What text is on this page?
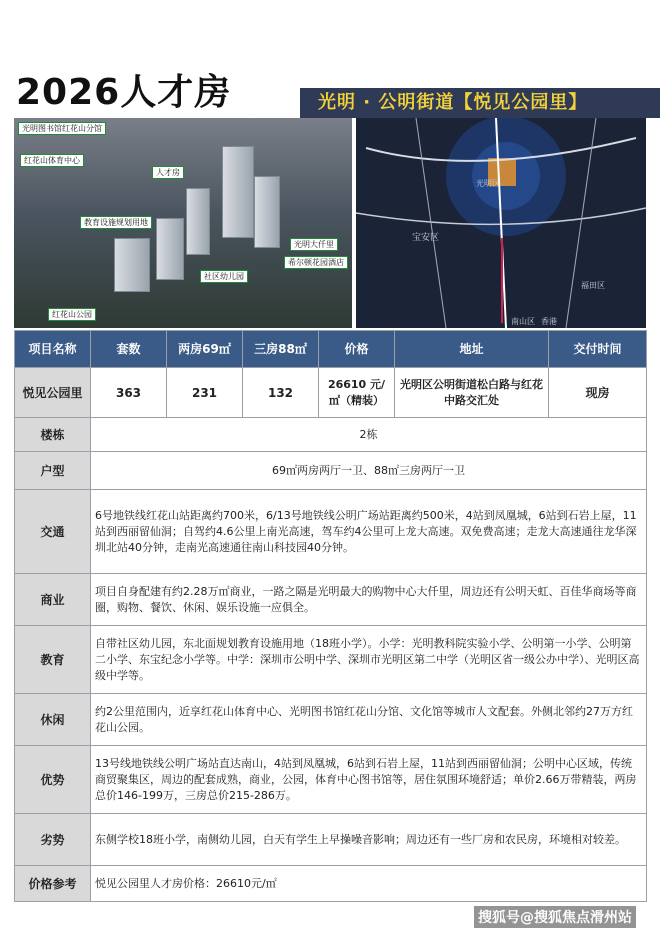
2026人才房	光明 · 公明街道【悦见公园里】
光明图书馆红花山分馆
红花山体育中心
人才房
教育设施规划用地
光明大仟里
希尔顿花园酒店
社区幼儿园
红花山公园
宝安区
南山区 香港
福田区
光明区
项目名称	套数	两房69㎡	三房88㎡	价格	地址	交付时间
悦见公园里	363	231	132	26610 元/㎡（精装）	光明区公明街道松白路与红花中路交汇处	现房
楼栋	2栋					
户型	69㎡两房两厅一卫、88㎡三房两厅一卫					
交通	6号地铁线红花山站距离约700米，6/13号地铁线公明广场站距离约500米，4站到凤凰城，6站到石岩上屋，11站到西丽留仙洞；自驾约4.6公里上南光高速，驾车约4公里可上龙大高速。双免费高速；走龙大高速通往龙华深圳北站40分钟，走南光高速通往南山科技园40分钟。					
商业	项目自身配建有约2.28万㎡商业，一路之隔是光明最大的购物中心大仟里，周边还有公明天虹、百佳华商场等商圈，购物、餐饮、休闲、娱乐设施一应俱全。					
教育	自带社区幼儿园，东北面规划教育设施用地（18班小学）。小学：光明教科院实验小学、公明第一小学、公明第二小学、东宝纪念小学等。中学：深圳市公明中学、深圳市光明区第二中学（光明区省一级公办中学）、光明区高级中学等。					
休闲	约2公里范围内，近享红花山体育中心、光明图书馆红花山分馆、文化馆等城市人文配套。外侧北邻约27万方红花山公园。					
优势	13号线地铁线公明广场站直达南山，4站到凤凰城，6站到石岩上屋，11站到西丽留仙洞；公明中心区域，传统商贸聚集区，周边的配套成熟，商业，公园，体育中心图书馆等，居住氛围环境舒适；单价2.66万带精装，两房总价146-199万，三房总价215-286万。					
劣势	东侧学校18班小学，南侧幼儿园，白天有学生上早操噪音影响；周边还有一些厂房和农民房，环境相对较差。					
价格参考	悦见公园里人才房价格：26610元/㎡					
搜狐号@搜狐焦点滑州站
